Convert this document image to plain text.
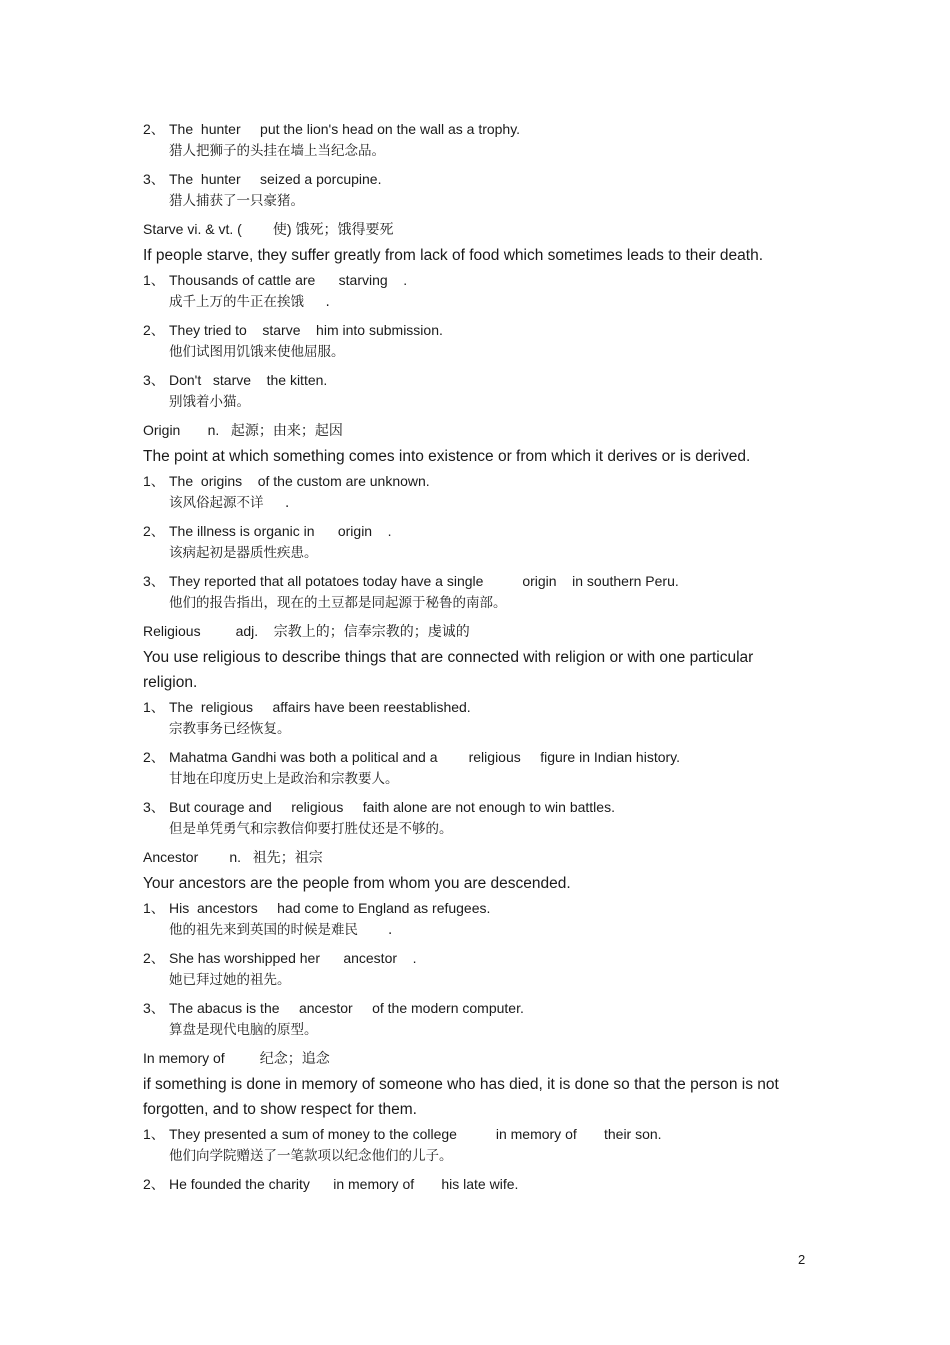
2、 The  hunter     put the lion's head on the wall as a trophy.
猎人把狮子的头挂在墙上当纪念品。
3、 The  hunter     seized a porcupine.
猎人捕获了一只豪猪。
Starve vi. & vt. (        使) 饿死；饿得要死
If people starve, they suffer greatly from lack of food which sometimes leads to their death.
1、 Thousands of cattle are      starving    .
成千上万的牛正在挨饿     .
2、 They tried to    starve    him into submission.
他们试图用饥饿来使他屈服。
3、 Don't   starve    the kitten.
别饿着小猫。
Origin       n.   起源；由来；起因
The point at which something comes into existence or from which it derives or is derived.
1、 The  origins    of the custom are unknown.
该风俗起源不详     .
2、 The illness is organic in      origin    .
该病起初是器质性疾患。
3、 They reported that all potatoes today have a single          origin    in southern Peru.
他们的报告指出，现在的土豆都是同起源于秘鲁的南部。
Religious         adj.    宗教上的；信奉宗教的；虔诚的
You use religious to describe things that are connected with religion or with one particular religion.
1、 The  religious     affairs have been reestablished.
宗教事务已经恢复。
2、 Mahatma Gandhi was both a political and a        religious     figure in Indian history.
甘地在印度历史上是政治和宗教要人。
3、 But courage and     religious     faith alone are not enough to win battles.
但是单凭勇气和宗教信仰要打胜仗还是不够的。
Ancestor        n.   祖先；祖宗
Your ancestors are the people from whom you are descended.
1、 His  ancestors     had come to England as refugees.
他的祖先来到英国的时候是难民       .
2、 She has worshipped her      ancestor    .
她已拜过她的祖先。
3、 The abacus is the     ancestor     of the modern computer.
算盘是现代电脑的原型。
In memory of         纪念；追念
if something is done in memory of someone who has died, it is done so that the person is not forgotten, and to show respect for them.
1、 They presented a sum of money to the college          in memory of       their son.
他们向学院赠送了一笔款项以纪念他们的儿子。
2、 He founded the charity      in memory of       his late wife.
2
